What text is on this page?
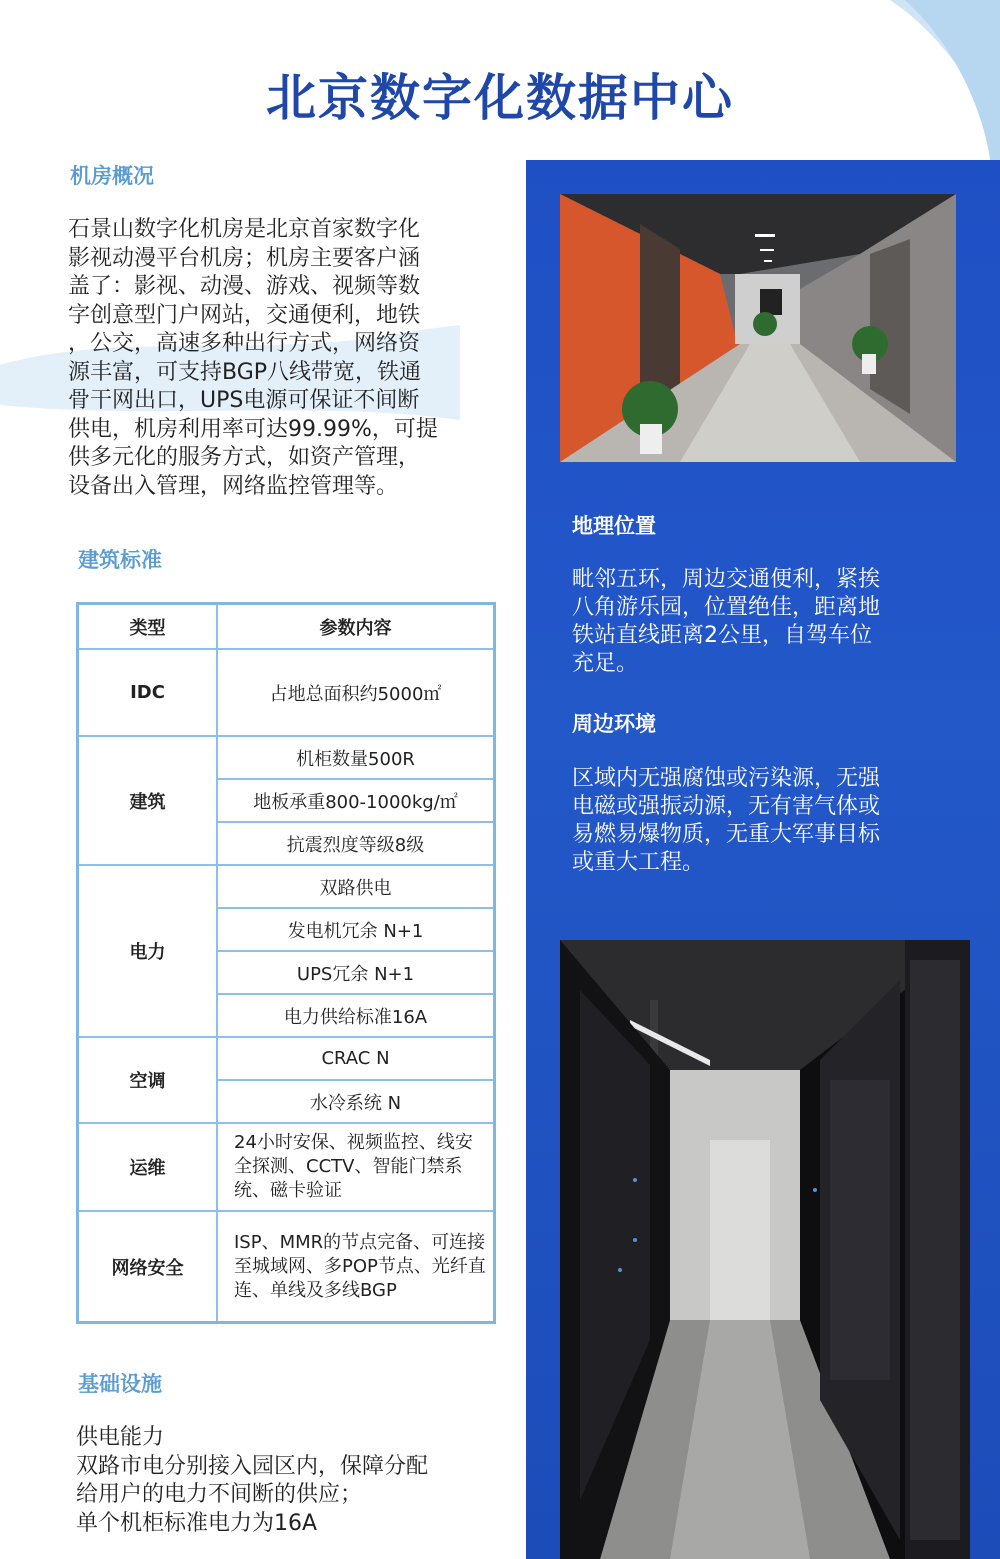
北京数字化数据中心
机房概况
石景山数字化机房是北京首家数字化
影视动漫平台机房；机房主要客户涵
盖了：影视、动漫、游戏、视频等数
字创意型门户网站，交通便利，地铁
，公交，高速多种出行方式，网络资
源丰富，可支持BGP八线带宽，铁通
骨干网出口，UPS电源可保证不间断
供电，机房利用率可达99.99%，可提
供多元化的服务方式，如资产管理，
设备出入管理，网络监控管理等。
建筑标准
类型	参数内容
IDC	占地总面积约5000㎡
建筑	机柜数量500R
	地板承重800-1000kg/㎡
	抗震烈度等级8级
电力	双路供电
	发电机冗余 N+1
	UPS冗余 N+1
	电力供给标准16A
空调	CRAC N
	水冷系统 N
运维	24小时安保、视频监控、线安全探测、CCTV、智能门禁系统、磁卡验证
网络安全	ISP、MMR的节点完备、可连接至城域网、多POP节点、光纤直连、单线及多线BGP
基础设施
供电能力
双路市电分别接入园区内，保障分配
给用户的电力不间断的供应；
单个机柜标准电力为16A
地理位置
毗邻五环，周边交通便利，紧挨
八角游乐园，位置绝佳，距离地
铁站直线距离2公里，自驾车位
充足。
周边环境
区域内无强腐蚀或污染源，无强
电磁或强振动源，无有害气体或
易燃易爆物质，无重大军事目标
或重大工程。
